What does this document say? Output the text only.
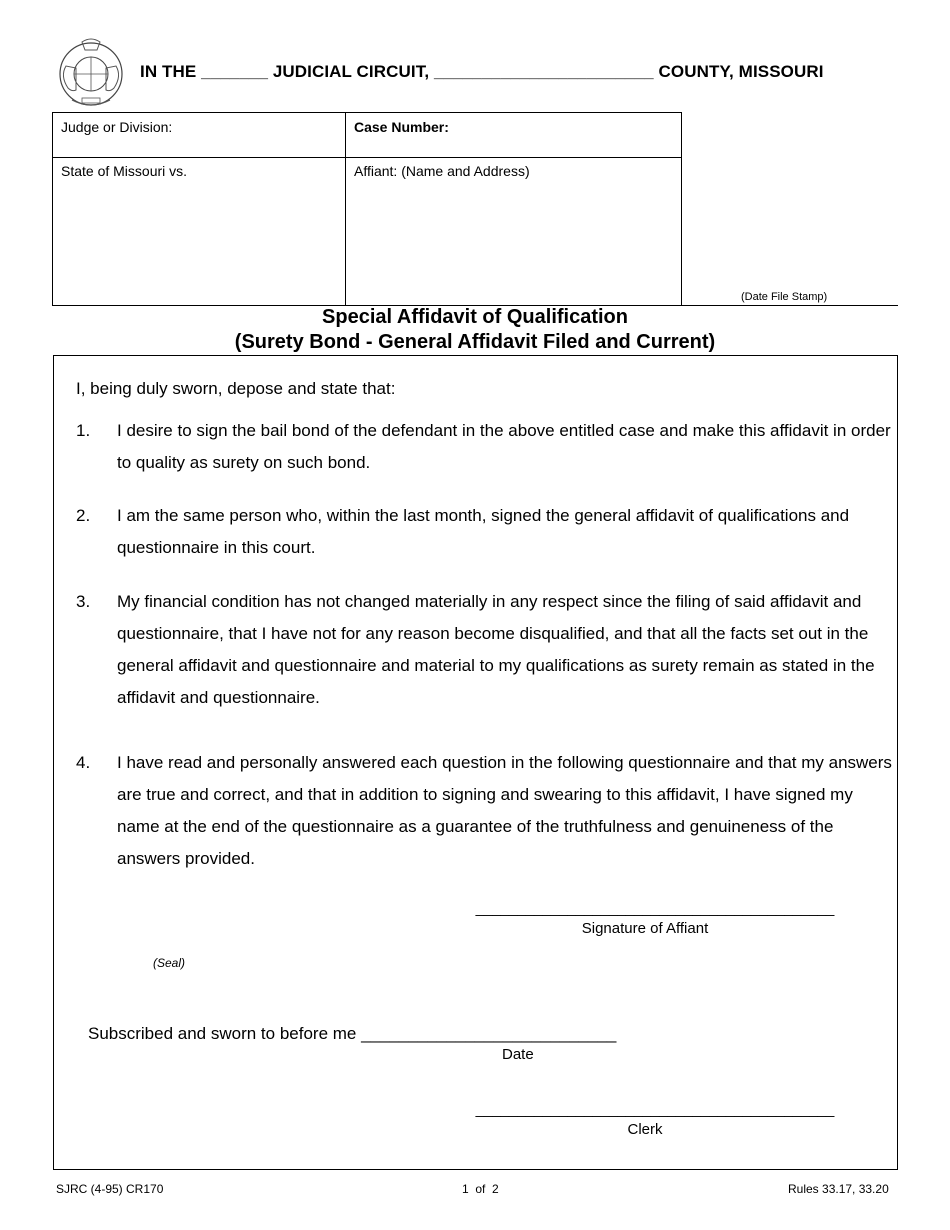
IN THE _______ JUDICIAL CIRCUIT, _______________________ COUNTY, MISSOURI
Judge or Division:	Case Number:
State of Missouri vs.	Affiant: (Name and Address)
(Date File Stamp)
Special Affidavit of Qualification
(Surety Bond - General Affidavit Filed and Current)
I, being duly sworn, depose and state that:
1.	I desire to sign the bail bond of the defendant in the above entitled case and make this affidavit in order to quality as surety on such bond.
2.	I am the same person who, within the last month, signed the general affidavit of qualifications and questionnaire in this court.
3.	My financial condition has not changed materially in any respect since the filing of said affidavit and questionnaire, that I have not for any reason become disqualified, and that all the facts set out in the general affidavit and questionnaire and material to my qualifications as surety remain as stated in the affidavit and questionnaire.
4.	I have read and personally answered each question in the following questionnaire and that my answers are true and correct, and that in addition to signing and swearing to this affidavit, I have signed my name at the end of the questionnaire as a guarantee of the truthfulness and genuineness of the answers provided.
___________________________________________
Signature of Affiant
(Seal)
Subscribed and sworn to before me ___________________________
Date
___________________________________________
Clerk
SJRC (4-95) CR170	1  of  2	Rules 33.17, 33.20
